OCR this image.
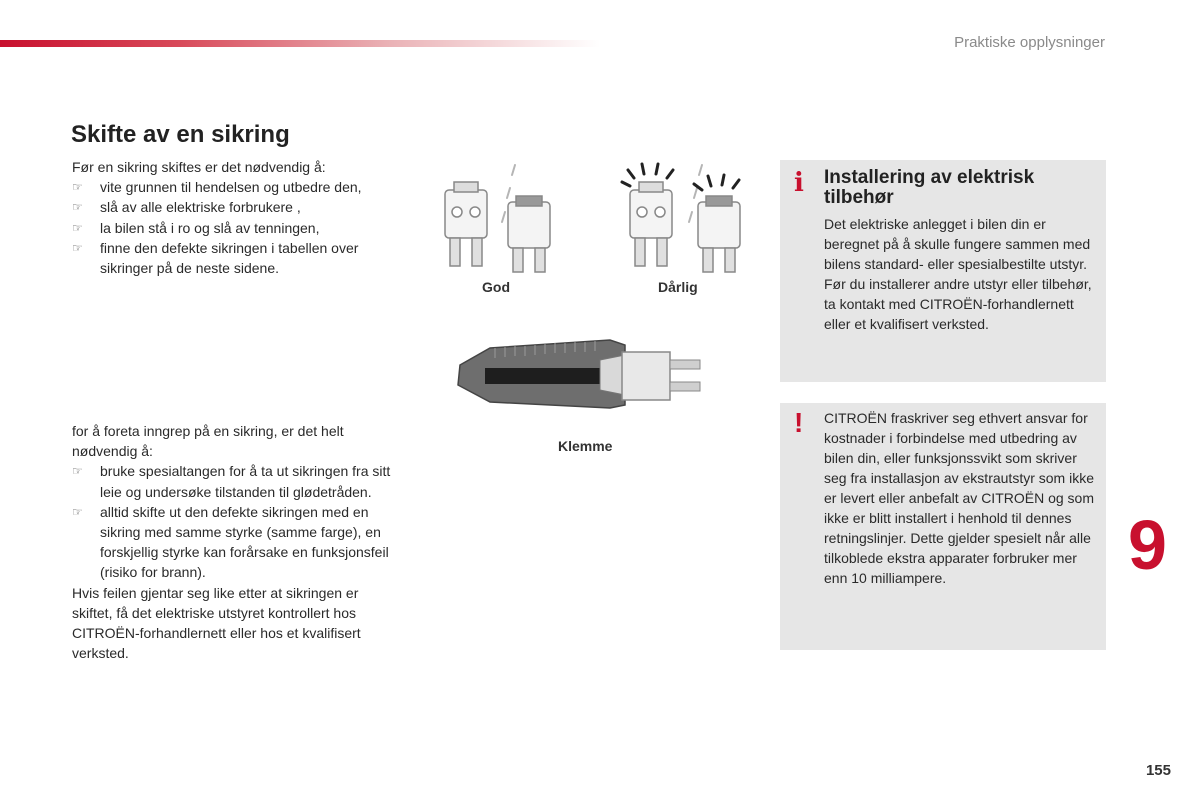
Praktiske opplysninger
Skifte av en sikring

Før en sikring skiftes er det nødvendig å:

☞ vite grunnen til hendelsen og utbedre den,
☞ slå av alle elektriske forbrukere ,
☞ la bilen stå i ro og slå av tenningen,
☞ finne den defekte sikringen i tabellen over sikringer på de neste sidene.

for å foreta inngrep på en sikring, er det helt nødvendig å:

☞ bruke spesialtangen for å ta ut sikringen fra sitt leie og undersøke tilstanden til glødetråden.
☞ alltid skifte ut den defekte sikringen med en sikring med samme styrke (samme farge), en forskjellig styrke kan forårsake en funksjonsfeil (risiko for brann).

Hvis feilen gjentar seg like etter at sikringen er skiftet, få det elektriske utstyret kontrollert hos CITROËN-forhandlernett eller hos et kvalifisert verksted.

God	Dårlig
Klemme
i Installering av elektrisk tilbehør

Det elektriske anlegget i bilen din er beregnet på å skulle fungere sammen med bilens standard- eller spesialbestilte utstyr.

Før du installerer andre utstyr eller tilbehør, ta kontakt med CITROËN-forhandlernett eller et kvalifisert verksted.

! CITROËN fraskriver seg ethvert ansvar for kostnader i forbindelse med utbedring av bilen din, eller funksjonssvikt som skriver seg fra installasjon av ekstrautstyr som ikke er levert eller anbefalt av CITROËN og som ikke er blitt installert i henhold til dennes retningslinjer. Dette gjelder spesielt når alle tilkoblede ekstra apparater forbruker mer enn 10 milliampere.	9
155
